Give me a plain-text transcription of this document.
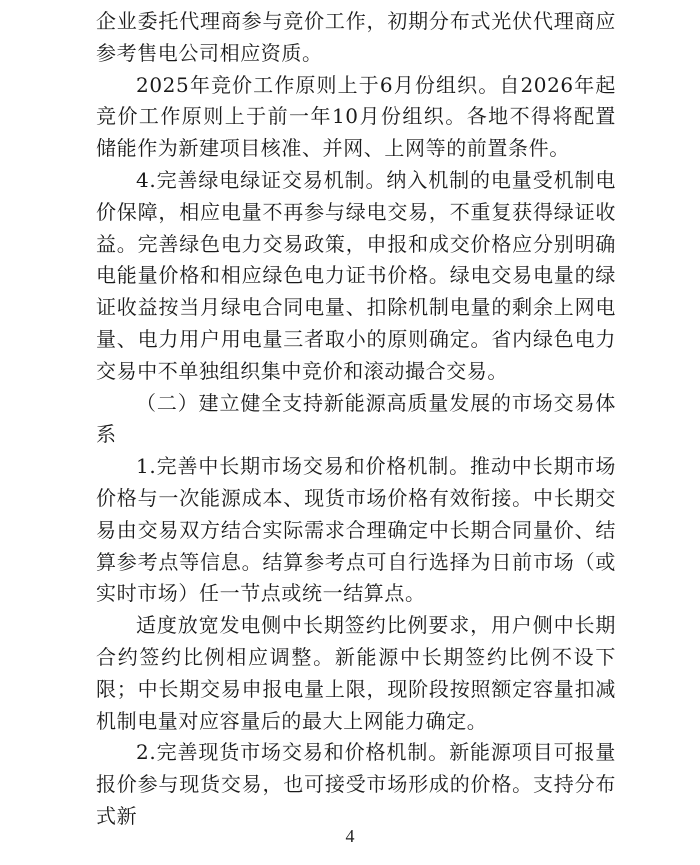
企业委托代理商参与竞价工作，初期分布式光伏代理商应参考售电公司相应资质。

2025年竞价工作原则上于6月份组织。自2026年起竞价工作原则上于前一年10月份组织。各地不得将配置储能作为新建项目核准、并网、上网等的前置条件。

4.完善绿电绿证交易机制。纳入机制的电量受机制电价保障，相应电量不再参与绿电交易，不重复获得绿证收益。完善绿色电力交易政策，申报和成交价格应分别明确电能量价格和相应绿色电力证书价格。绿电交易电量的绿证收益按当月绿电合同电量、扣除机制电量的剩余上网电量、电力用户用电量三者取小的原则确定。省内绿色电力交易中不单独组织集中竞价和滚动撮合交易。

（二）建立健全支持新能源高质量发展的市场交易体系

1.完善中长期市场交易和价格机制。推动中长期市场价格与一次能源成本、现货市场价格有效衔接。中长期交易由交易双方结合实际需求合理确定中长期合同量价、结算参考点等信息。结算参考点可自行选择为日前市场（或实时市场）任一节点或统一结算点。

适度放宽发电侧中长期签约比例要求，用户侧中长期合约签约比例相应调整。新能源中长期签约比例不设下限；中长期交易申报电量上限，现阶段按照额定容量扣减机制电量对应容量后的最大上网能力确定。

2.完善现货市场交易和价格机制。新能源项目可报量报价参与现货交易，也可接受市场形成的价格。支持分布式新

4
